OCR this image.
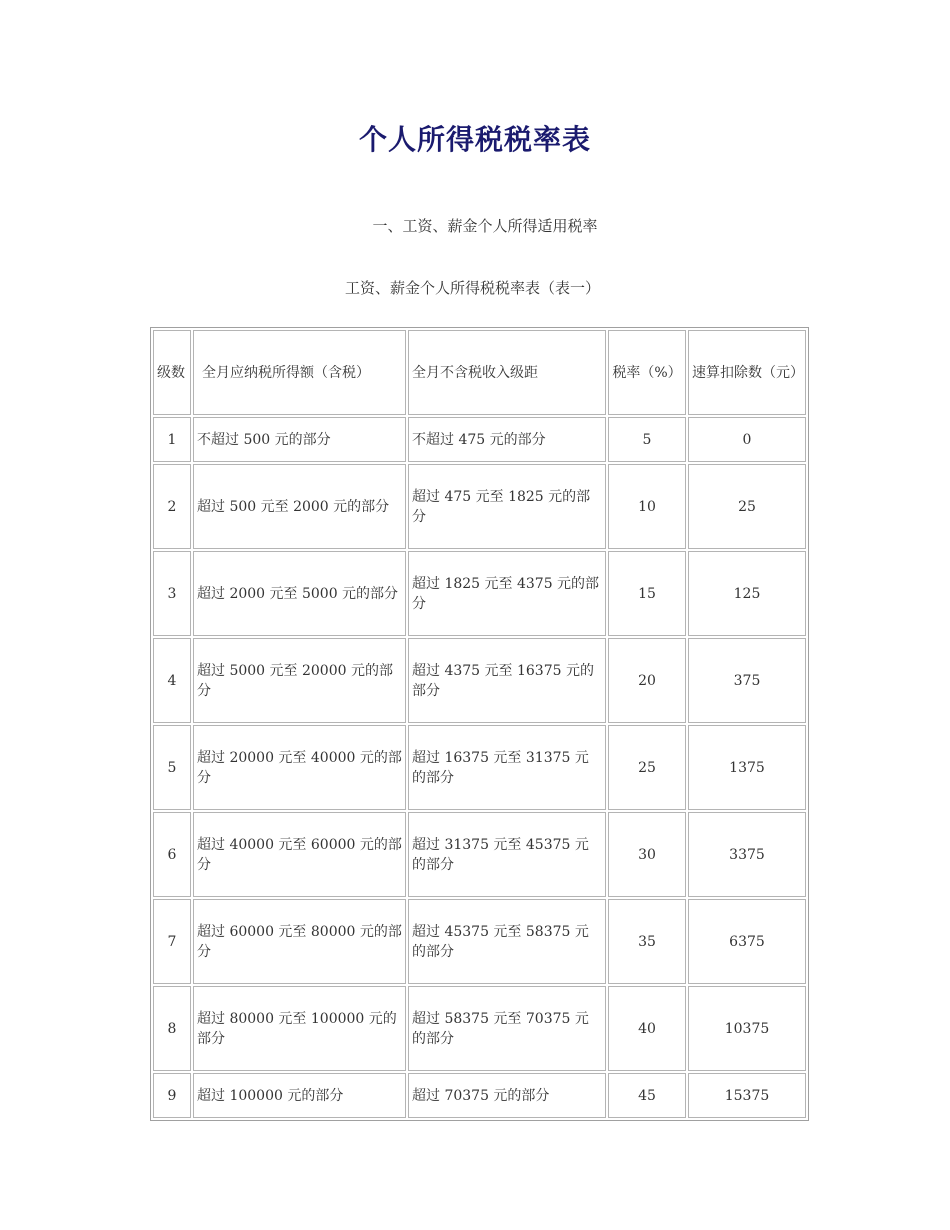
个人所得税税率表
一、工资、薪金个人所得适用税率
工资、薪金个人所得税税率表（表一）
级数	全月应纳税所得额（含税）	全月不含税收入级距	税率（%）	速算扣除数（元）
1	不超过 500 元的部分	不超过 475 元的部分	5	0
2	超过 500 元至 2000 元的部分	超过 475 元至 1825 元的部分	10	25
3	超过 2000 元至 5000 元的部分	超过 1825 元至 4375 元的部分	15	125
4	超过 5000 元至 20000 元的部分	超过 4375 元至 16375 元的部分	20	375
5	超过 20000 元至 40000 元的部分	超过 16375 元至 31375 元的部分	25	1375
6	超过 40000 元至 60000 元的部分	超过 31375 元至 45375 元的部分	30	3375
7	超过 60000 元至 80000 元的部分	超过 45375 元至 58375 元的部分	35	6375
8	超过 80000 元至 100000 元的部分	超过 58375 元至 70375 元的部分	40	10375
9	超过 100000 元的部分	超过 70375 元的部分	45	15375
